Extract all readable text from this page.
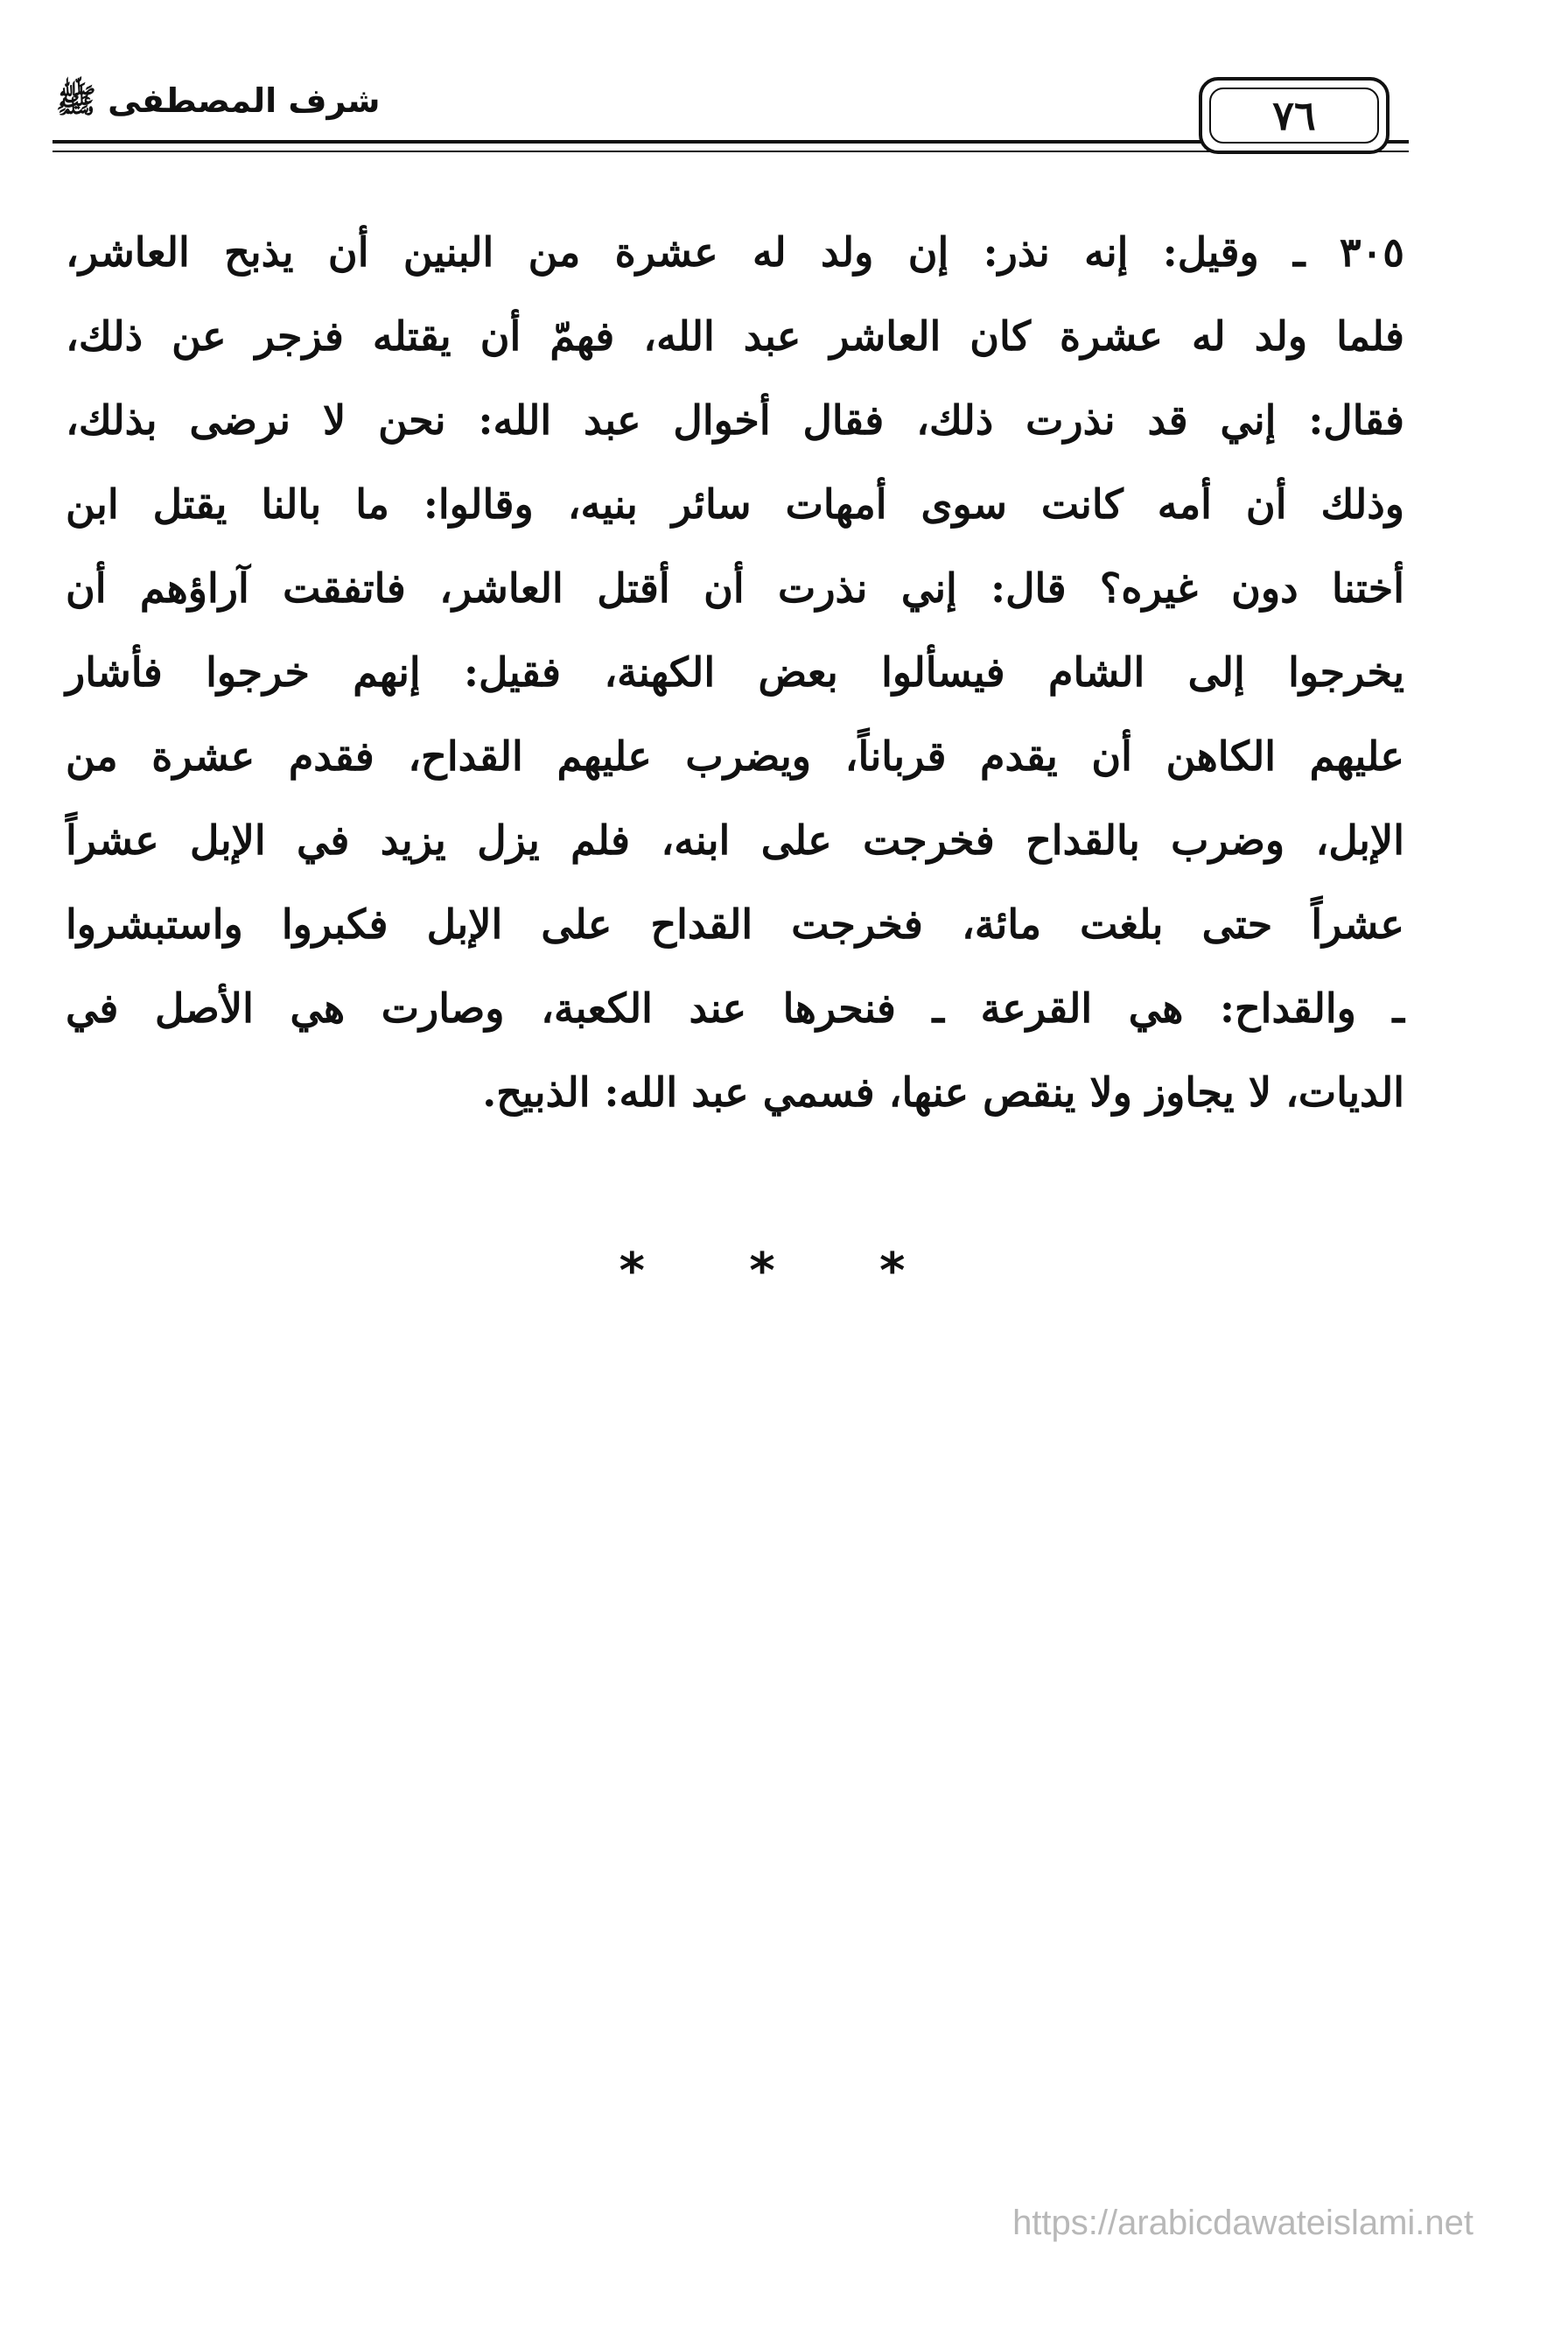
شرف المصطفى ﷺ	٧٦
٣٠٥ ـ وقيل: إنه نذر: إن ولد له عشرة من البنين أن يذبح العاشر،
فلما ولد له عشرة كان العاشر عبد الله، فهمّ أن يقتله فزجر عن ذلك،
فقال: إني قد نذرت ذلك، فقال أخوال عبد الله: نحن لا نرضى بذلك،
وذلك أن أمه كانت سوى أمهات سائر بنيه، وقالوا: ما بالنا يقتل ابن
أختنا دون غيره؟ قال: إني نذرت أن أقتل العاشر، فاتفقت آراؤهم أن
يخرجوا إلى الشام فيسألوا بعض الكهنة، فقيل: إنهم خرجوا فأشار
عليهم الكاهن أن يقدم قرباناً، ويضرب عليهم القداح، فقدم عشرة من
الإبل، وضرب بالقداح فخرجت على ابنه، فلم يزل يزيد في الإبل عشراً
عشراً حتى بلغت مائة، فخرجت القداح على الإبل فكبروا واستبشروا
ـ والقداح: هي القرعة ـ فنحرها عند الكعبة، وصارت هي الأصل في
الديات، لا يجاوز ولا ينقص عنها، فسمي عبد الله: الذبيح.
* * *
https://arabicdawateislami.net
